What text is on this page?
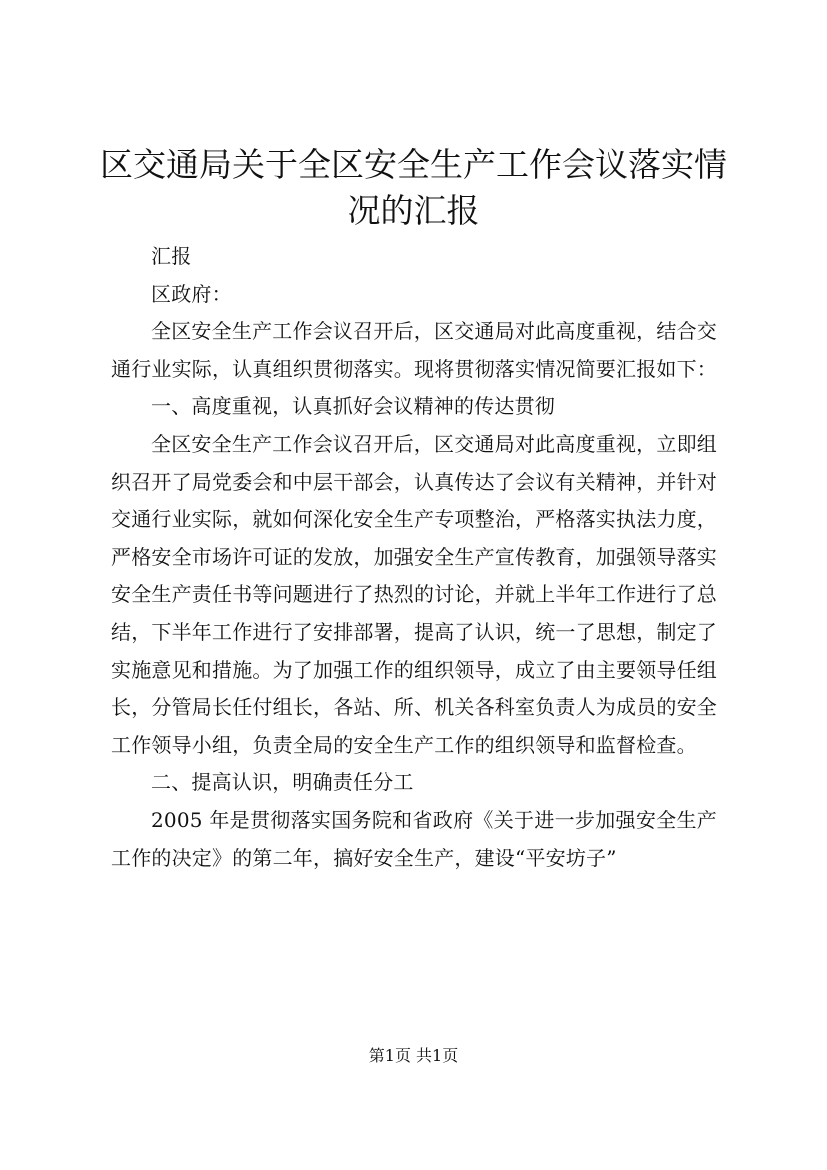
区交通局关于全区安全生产工作会议落实情况的汇报

汇报

区政府：

全区安全生产工作会议召开后，区交通局对此高度重视，结合交通行业实际，认真组织贯彻落实。现将贯彻落实情况简要汇报如下：

一、高度重视，认真抓好会议精神的传达贯彻

全区安全生产工作会议召开后，区交通局对此高度重视，立即组织召开了局党委会和中层干部会，认真传达了会议有关精神，并针对交通行业实际，就如何深化安全生产专项整治，严格落实执法力度，严格安全市场许可证的发放，加强安全生产宣传教育，加强领导落实安全生产责任书等问题进行了热烈的讨论，并就上半年工作进行了总结，下半年工作进行了安排部署，提高了认识，统一了思想，制定了实施意见和措施。为了加强工作的组织领导，成立了由主要领导任组长，分管局长任付组长，各站、所、机关各科室负责人为成员的安全工作领导小组，负责全局的安全生产工作的组织领导和监督检查。

二、提高认识，明确责任分工

2005 年是贯彻落实国务院和省政府《关于进一步加强安全生产工作的决定》的第二年，搞好安全生产，建设“平安坊子”

第1页 共1页
